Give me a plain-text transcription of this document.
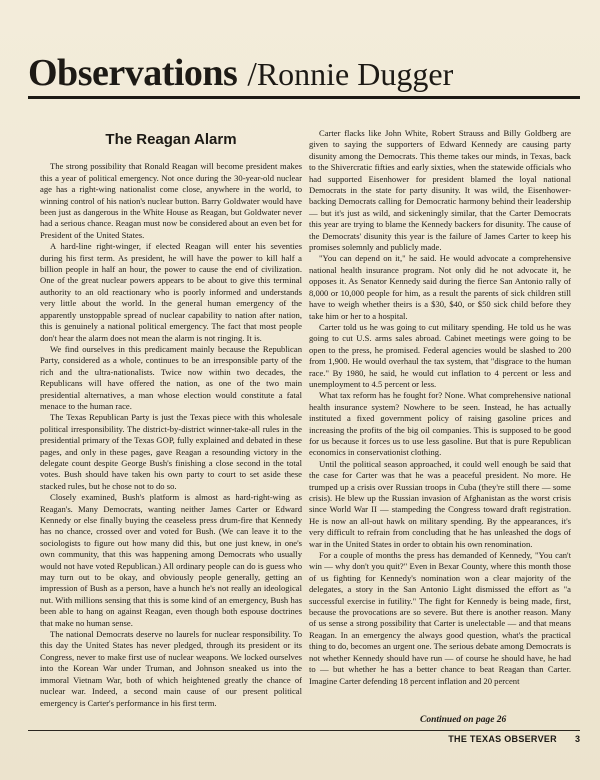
Observations /Ronnie Dugger
The Reagan Alarm

The strong possibility that Ronald Reagan will become president makes this a year of political emergency. Not once during the 30-year-old nuclear age has a right-wing nationalist come close, anywhere in the world, to winning control of his nation's nuclear button. Barry Goldwater would have been just as dangerous in the White House as Reagan, but Goldwater never had a serious chance. Reagan must now be considered about an even bet for President of the United States.

A hard-line right-winger, if elected Reagan will enter his seventies during his first term. As president, he will have the power to kill half a billion people in half an hour, the power to cause the end of civilization. One of the great nuclear powers appears to be about to give this terminal authority to an old reactionary who is poorly informed and understands very little about the world. In the general human emergency of the apparently unstoppable spread of nuclear capability to nation after nation, this is genuinely a national political emergency. The fact that most people don't hear the alarm does not mean the alarm is not ringing. It is.

We find ourselves in this predicament mainly because the Republican Party, considered as a whole, continues to be an irresponsible party of the rich and the ultra-nationalists. Twice now within two decades, the Republicans will have offered the nation, as one of the two main presidential alternatives, a man whose election would constitute a fatal menace to the human race.

The Texas Republican Party is just the Texas piece with this wholesale political irresponsibility. The district-by-district winner-take-all rules in the presidential primary of the Texas GOP, fully explained and debated in these pages, and only in these pages, gave Reagan a resounding victory in the delegate count despite George Bush's finishing a close second in the total votes. Bush should have taken his own party to court to set aside these stacked rules, but he chose not to do so.

Closely examined, Bush's platform is almost as hard-right-wing as Reagan's. Many Democrats, wanting neither James Carter or Edward Kennedy or else finally buying the ceaseless press drum-fire that Kennedy has no chance, crossed over and voted for Bush. (We can leave it to the sociologists to figure out how many did this, but one just knew, in one's own community, that this was happening among Democrats who usually would not have voted Republican.) All ordinary people can do is guess who may turn out to be okay, and obviously people generally, getting an impression of Bush as a person, have a hunch he's not really an ideological nut. With millions sensing that this is some kind of an emergency, Bush has been able to hang on against Reagan, even though both espouse doctrines that make no human sense.

The national Democrats deserve no laurels for nuclear responsibility. To this day the United States has never pledged, through its president or its Congress, never to make first use of nuclear weapons. We locked ourselves into the Korean War under Truman, and Johnson sneaked us into the immoral Vietnam War, both of which heightened greatly the chance of nuclear war. Indeed, a second main cause of our present political emergency is Carter's performance in his first term.

Carter flacks like John White, Robert Strauss and Billy Goldberg are given to saying the supporters of Edward Kennedy are causing party disunity among the Democrats. This theme takes our minds, in Texas, back to the Shivercratic fifties and early sixties, when the statewide officials who had supported Eisenhower for president blamed the loyal national Democrats in the state for party disunity. It was wild, the Eisenhower-backing Democrats calling for Democratic harmony behind their leadership — but it's just as wild, and sickeningly similar, that the Carter Democrats this year are trying to blame the Kennedy backers for disunity. The cause of the Democrats' disunity this year is the failure of James Carter to keep his promises solemnly and publicly made.

"You can depend on it," he said. He would advocate a comprehensive national health insurance program. Not only did he not advocate it, he opposes it. As Senator Kennedy said during the fierce San Antonio rally of 8,000 or 10,000 people for him, as a result the parents of sick children still have to weigh whether theirs is a $30, $40, or $50 sick child before they take him or her to a hospital.

Carter told us he was going to cut military spending. He told us he was going to cut U.S. arms sales abroad. Cabinet meetings were going to be open to the press, he promised. Federal agencies would be slashed to 200 from 1,900. He would overhaul the tax system, that "disgrace to the human race." By 1980, he said, he would cut inflation to 4 percent or less and unemployment to 4.5 percent or less.

What tax reform has he fought for? None. What comprehensive national health insurance system? Nowhere to be seen. Instead, he has actually instituted a fixed government policy of raising gasoline prices and increasing the profits of the big oil companies. This is supposed to be good for us because it forces us to use less gasoline. But that is pure Republican economics in conservationist clothing.

Until the political season approached, it could well enough be said that the case for Carter was that he was a peaceful president. No more. He trumped up a crisis over Russian troops in Cuba (they're still there — some crisis). He blew up the Russian invasion of Afghanistan as the worst crisis since World War II — stampeding the Congress toward draft registration. He is now an all-out hawk on military spending. By the appearances, it's very difficult to refrain from concluding that he has unleashed the dogs of war in the United States in order to obtain his own renomination.

For a couple of months the press has demanded of Kennedy, "You can't win — why don't you quit?" Even in Bexar County, where this month those of us fighting for Kennedy's nomination won a clear majority of the delegates, a story in the San Antonio Light dismissed the effort as "a successful exercise in futility." The fight for Kennedy is being made, first, because the provocations are so severe. But there is another reason. Many of us sense a strong possibility that Carter is unelectable — and that means Reagan. In an emergency the always good question, what's the practical thing to do, becomes an urgent one. The serious debate among Democrats is not whether Kennedy should have run — of course he should have, he had to — but whether he has a better chance to beat Reagan than Carter. Imagine Carter defending 18 percent inflation and 20 percent

Continued on page 26
THE TEXAS OBSERVER 3
